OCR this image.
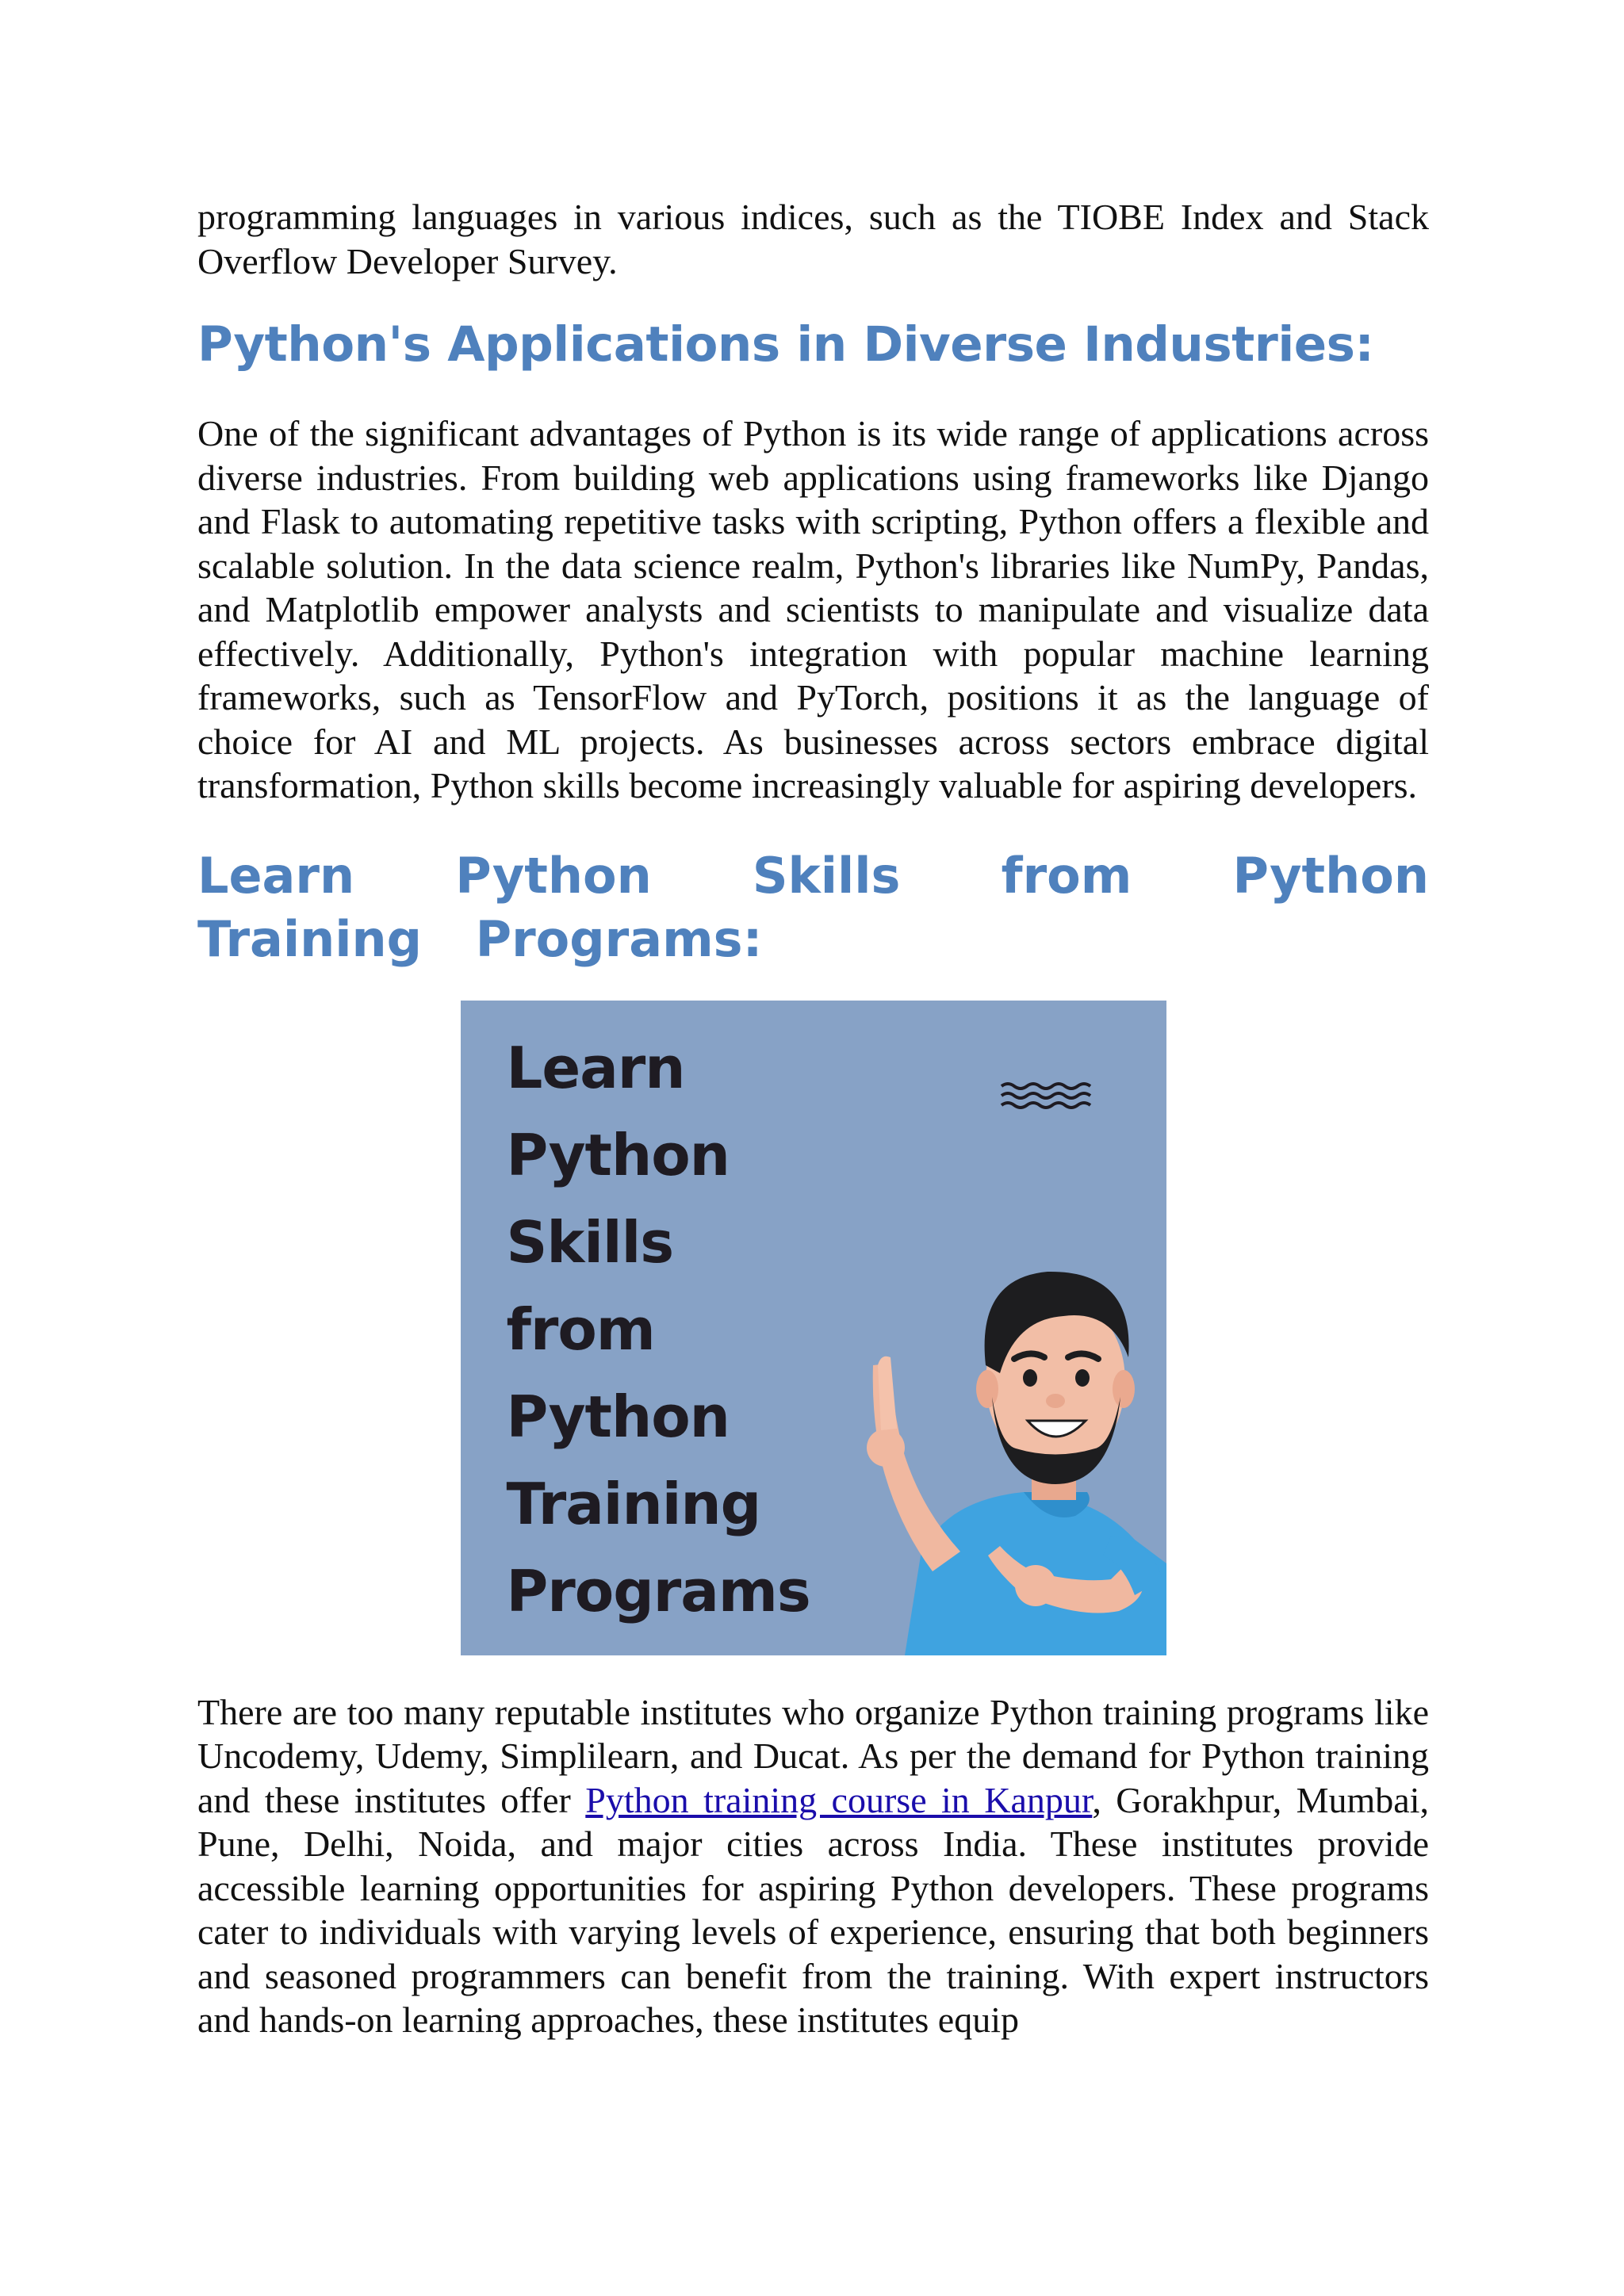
programming languages in various indices, such as the TIOBE Index and Stack Overflow Developer Survey.

Python's Applications in Diverse Industries:

One of the significant advantages of Python is its wide range of applications across diverse industries. From building web applications using frameworks like Django and Flask to automating repetitive tasks with scripting, Python offers a flexible and scalable solution. In the data science realm, Python's libraries like NumPy, Pandas, and Matplotlib empower analysts and scientists to manipulate and visualize data effectively. Additionally, Python's integration with popular machine learning frameworks, such as TensorFlow and PyTorch, positions it as the language of choice for AI and ML projects. As businesses across sectors embrace digital transformation, Python skills become increasingly valuable for aspiring developers.

Learn Python Skills from Python Training Programs:
Learn
Python
Skills
from
Python
Training
Programs

There are too many reputable institutes who organize Python training programs like Uncodemy, Udemy, Simplilearn, and Ducat. As per the demand for Python training and these institutes offer Python training course in Kanpur, Gorakhpur, Mumbai, Pune, Delhi, Noida, and major cities across India. These institutes provide accessible learning opportunities for aspiring Python developers. These programs cater to individuals with varying levels of experience, ensuring that both beginners and seasoned programmers can benefit from the training. With expert instructors and hands-on learning approaches, these institutes equip
